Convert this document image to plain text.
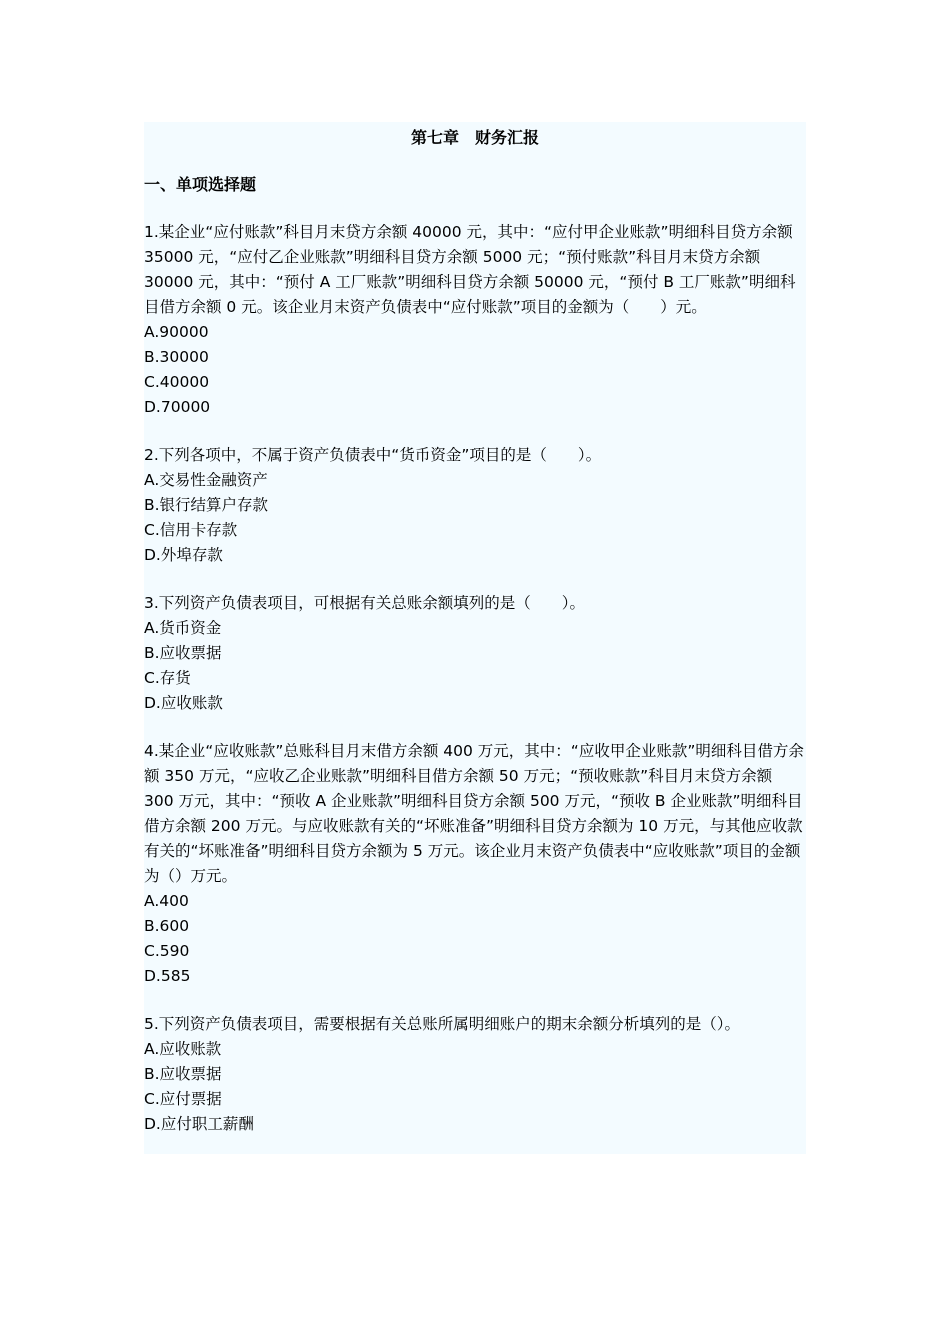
第七章　财务汇报
一、单项选择题

1.某企业“应付账款”科目月末贷方余额 40000 元，其中：“应付甲企业账款”明细科目贷方余额 35000 元，“应付乙企业账款”明细科目贷方余额 5000 元；“预付账款”科目月末贷方余额 30000 元，其中：“预付 A 工厂账款”明细科目贷方余额 50000 元，“预付 B 工厂账款”明细科目借方余额 0 元。该企业月末资产负债表中“应付账款”项目的金额为（　　）元。

A.90000

B.30000

C.40000

D.70000

2.下列各项中，不属于资产负债表中“货币资金”项目的是（　　）。

A.交易性金融资产

B.银行结算户存款

C.信用卡存款

D.外埠存款

3.下列资产负债表项目，可根据有关总账余额填列的是（　　）。

A.货币资金

B.应收票据

C.存货

D.应收账款

4.某企业“应收账款”总账科目月末借方余额 400 万元，其中：“应收甲企业账款”明细科目借方余额 350 万元，“应收乙企业账款”明细科目借方余额 50 万元；“预收账款”科目月末贷方余额 300 万元，其中：“预收 A 企业账款”明细科目贷方余额 500 万元，“预收 B 企业账款”明细科目借方余额 200 万元。与应收账款有关的“坏账准备”明细科目贷方余额为 10 万元，与其他应收款有关的“坏账准备”明细科目贷方余额为 5 万元。该企业月末资产负债表中“应收账款”项目的金额为（）万元。

A.400

B.600

C.590

D.585

5.下列资产负债表项目，需要根据有关总账所属明细账户的期末余额分析填列的是（）。

A.应收账款

B.应收票据

C.应付票据

D.应付职工薪酬
